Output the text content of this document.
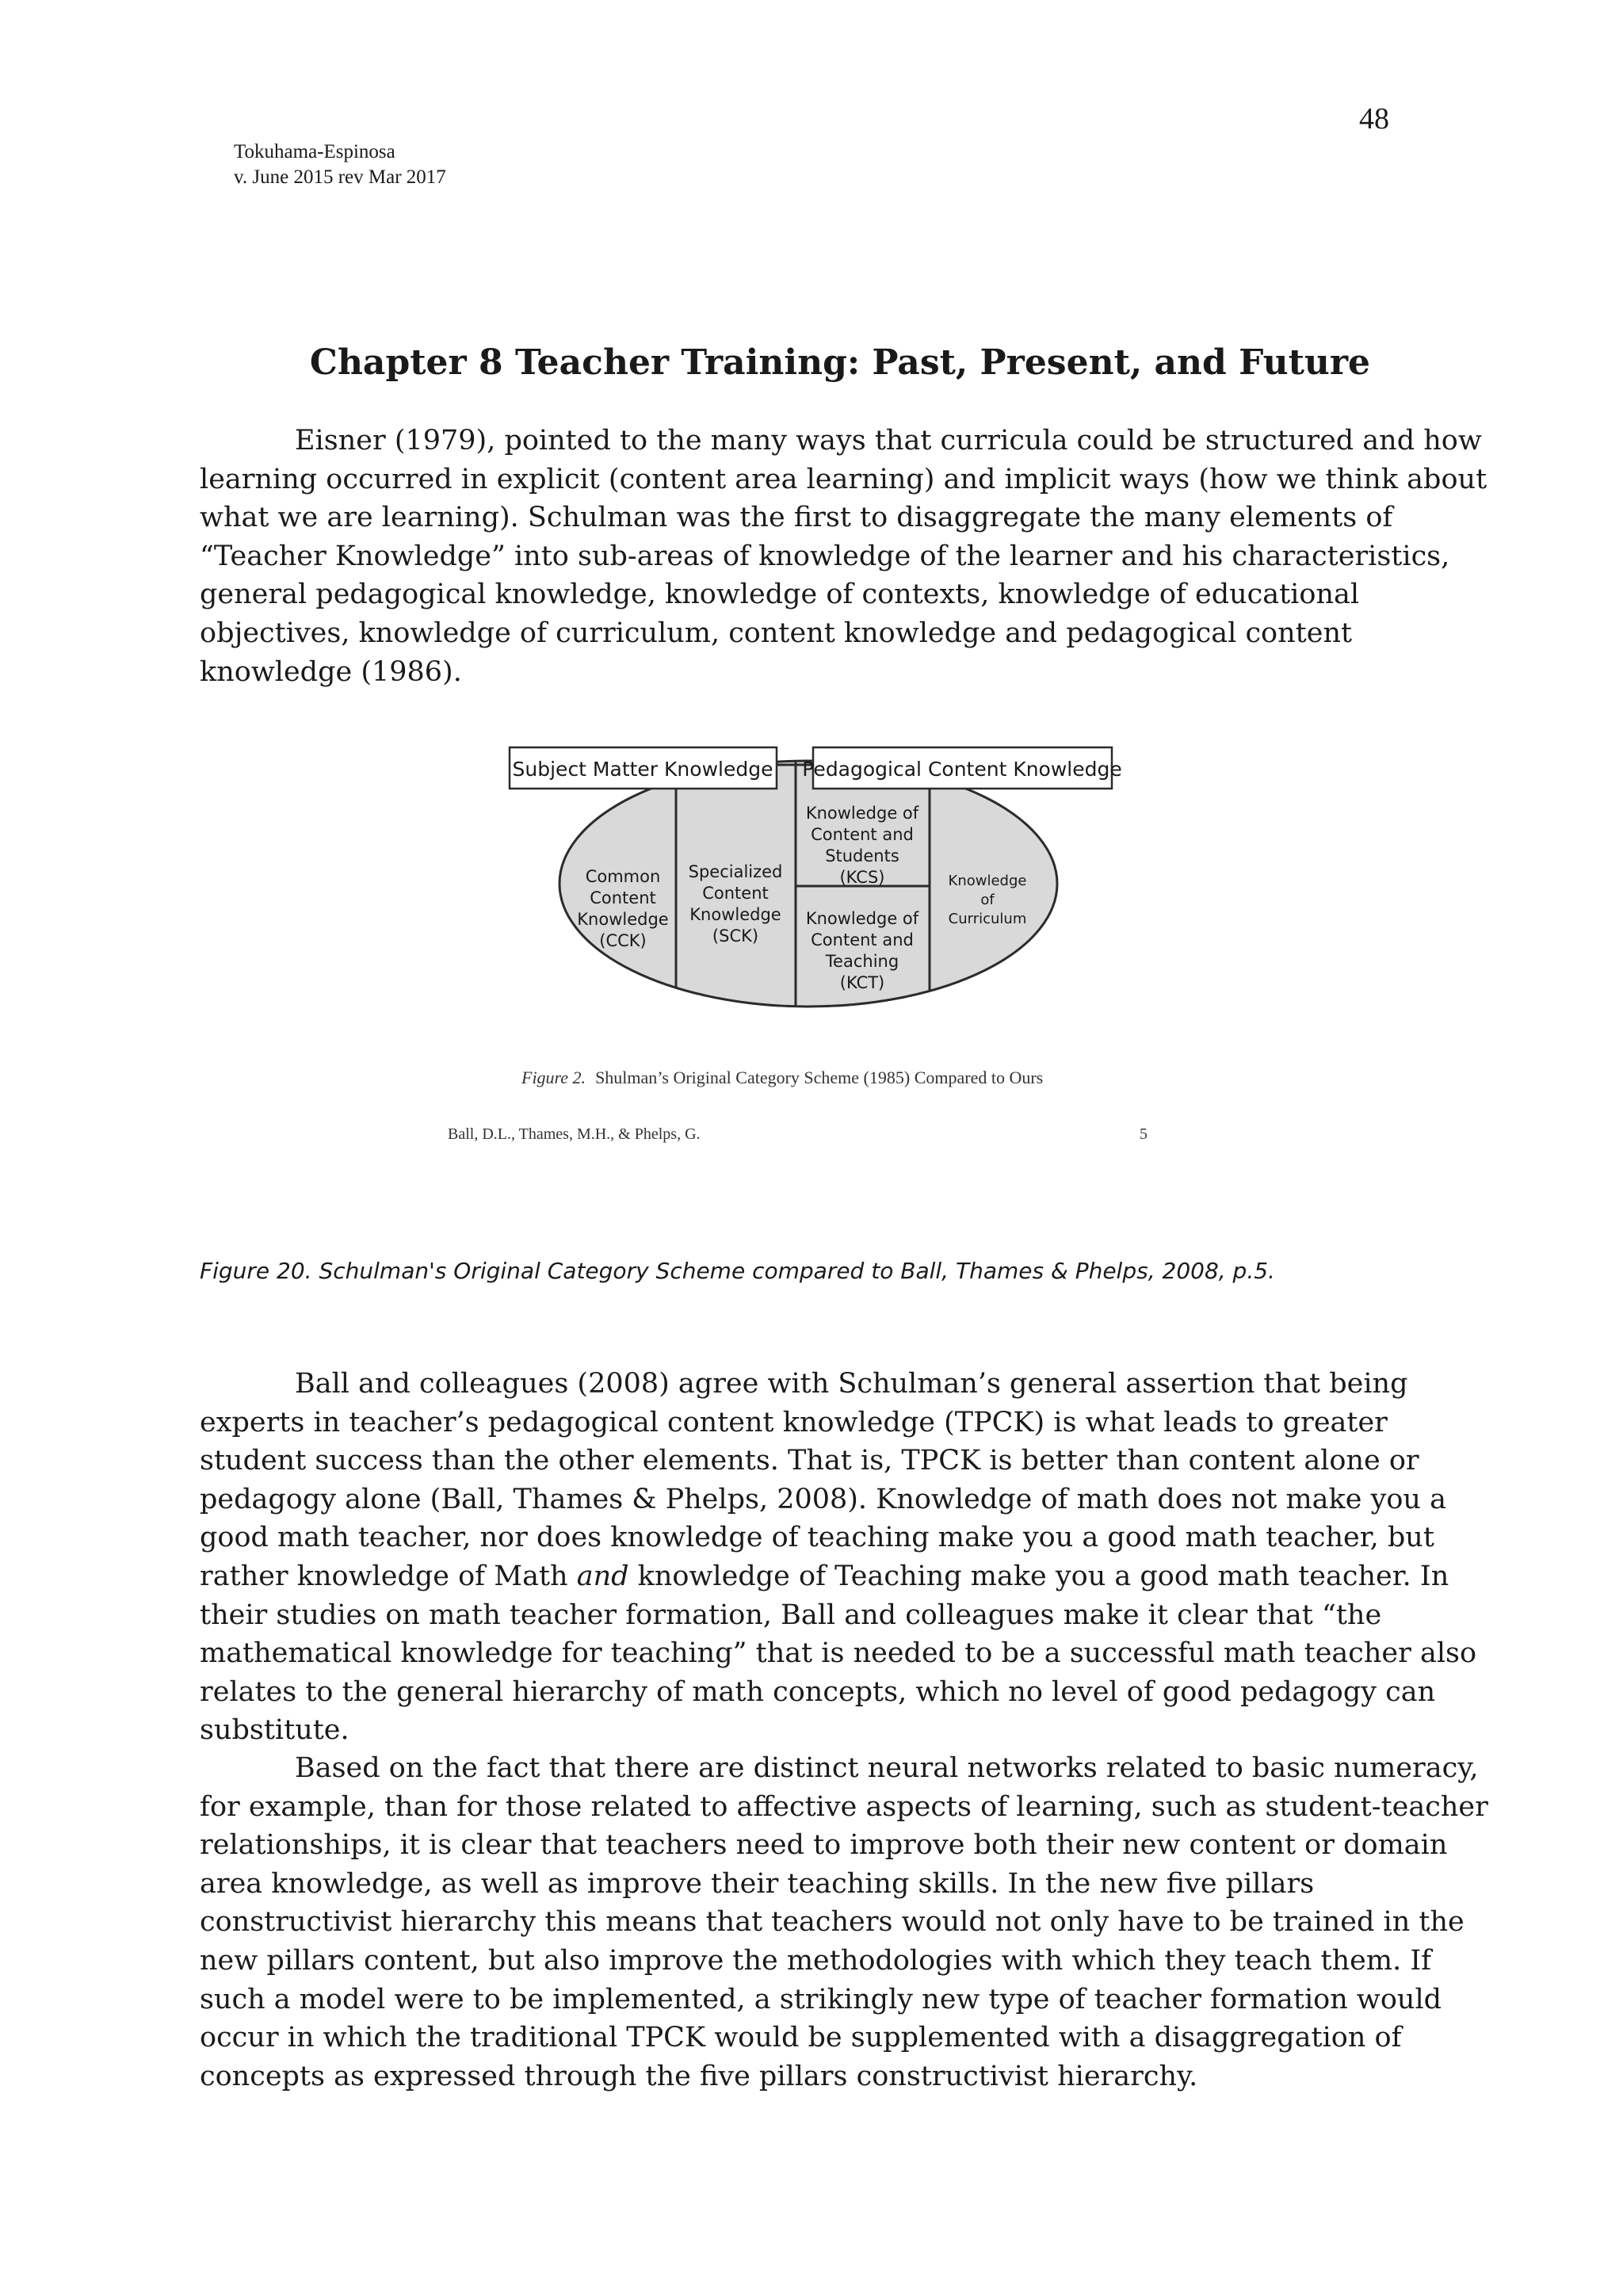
48
Tokuhama-Espinosa
v. June 2015 rev Mar 2017
Chapter 8 Teacher Training: Past, Present, and Future

Eisner (1979), pointed to the many ways that curricula could be structured and how learning occurred in explicit (content area learning) and implicit ways (how we think about what we are learning). Schulman was the first to disaggregate the many elements of “Teacher Knowledge” into sub-areas of knowledge of the learner and his characteristics, general pedagogical knowledge, knowledge of contexts, knowledge of educational objectives, knowledge of curriculum, content knowledge and pedagogical content knowledge (1986).

Subject Matter Knowledge Pedagogical Content Knowledge
Common
Content
Knowledge
(CCK)
Specialized
Content
Knowledge
(SCK)
Knowledge of
Content and
Students
(KCS)
Knowledge of
Content and
Teaching
(KCT)
Knowledge
of
Curriculum
Figure 2. Shulman’s Original Category Scheme (1985) Compared to Ours
Ball, D.L., Thames, M.H., & Phelps, G.	5

Figure 20. Schulman's Original Category Scheme compared to Ball, Thames & Phelps, 2008, p.5.

Ball and colleagues (2008) agree with Schulman’s general assertion that being experts in teacher’s pedagogical content knowledge (TPCK) is what leads to greater student success than the other elements. That is, TPCK is better than content alone or pedagogy alone (Ball, Thames & Phelps, 2008). Knowledge of math does not make you a good math teacher, nor does knowledge of teaching make you a good math teacher, but rather knowledge of Math and knowledge of Teaching make you a good math teacher. In their studies on math teacher formation, Ball and colleagues make it clear that “the mathematical knowledge for teaching” that is needed to be a successful math teacher also relates to the general hierarchy of math concepts, which no level of good pedagogy can substitute.

Based on the fact that there are distinct neural networks related to basic numeracy, for example, than for those related to affective aspects of learning, such as student-teacher relationships, it is clear that teachers need to improve both their new content or domain area knowledge, as well as improve their teaching skills. In the new five pillars constructivist hierarchy this means that teachers would not only have to be trained in the new pillars content, but also improve the methodologies with which they teach them. If such a model were to be implemented, a strikingly new type of teacher formation would occur in which the traditional TPCK would be supplemented with a disaggregation of concepts as expressed through the five pillars constructivist hierarchy.
